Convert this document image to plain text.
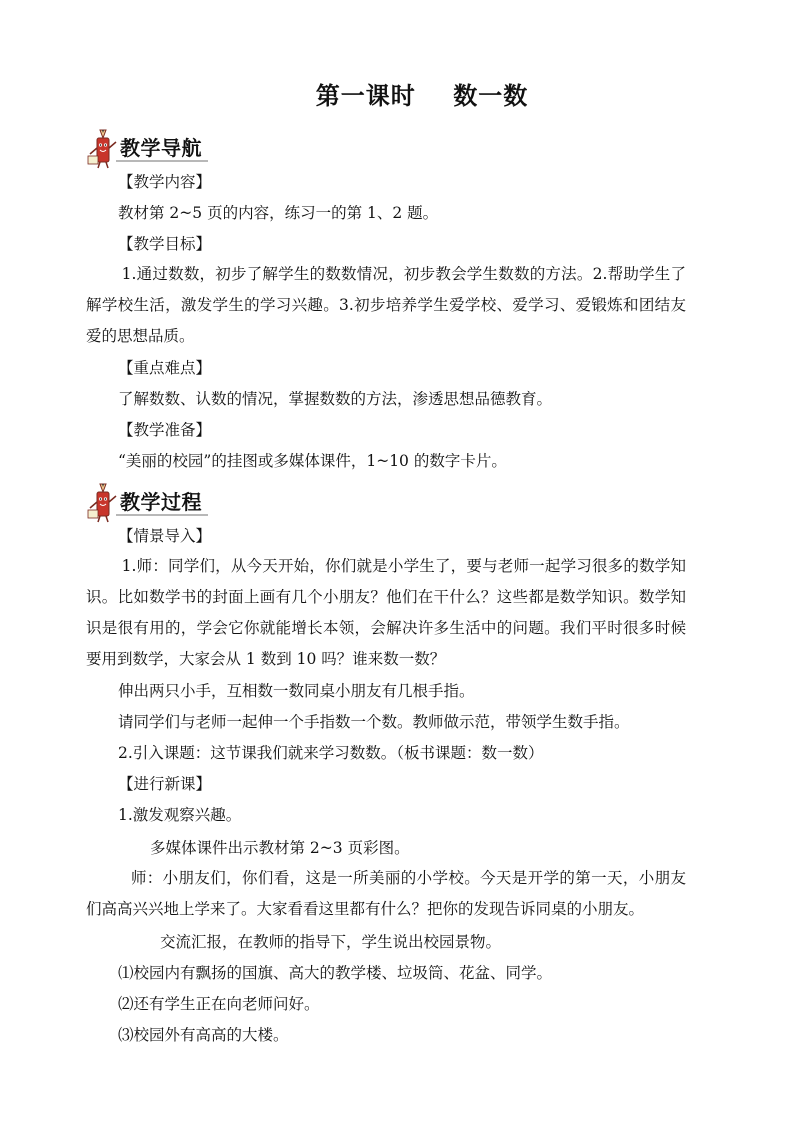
第一课时    数一数
教学导航
【教学内容】
教材第 2~5 页的内容，练习一的第 1、2 题。
【教学目标】

1.通过数数，初步了解学生的数数情况，初步教会学生数数的方法。2.帮助学生了解学校生活，激发学生的学习兴趣。3.初步培养学生爱学校、爱学习、爱锻炼和团结友爱的思想品质。

【重点难点】
了解数数、认数的情况，掌握数数的方法，渗透思想品德教育。
【教学准备】
“美丽的校园”的挂图或多媒体课件，1~10 的数字卡片。
教学过程
【情景导入】

1.师：同学们，从今天开始，你们就是小学生了，要与老师一起学习很多的数学知识。比如数学书的封面上画有几个小朋友？他们在干什么？这些都是数学知识。数学知识是很有用的，学会它你就能增长本领，会解决许多生活中的问题。我们平时很多时候要用到数学，大家会从 1 数到 10 吗？谁来数一数？

伸出两只小手，互相数一数同桌小朋友有几根手指。
请同学们与老师一起伸一个手指数一个数。教师做示范，带领学生数手指。
2.引入课题：这节课我们就来学习数数。（板书课题：数一数）
【进行新课】
1.激发观察兴趣。
多媒体课件出示教材第 2~3 页彩图。

师：小朋友们，你们看，这是一所美丽的小学校。今天是开学的第一天，小朋友们高高兴兴地上学来了。大家看看这里都有什么？把你的发现告诉同桌的小朋友。

交流汇报，在教师的指导下，学生说出校园景物。
⑴校园内有飘扬的国旗、高大的教学楼、垃圾筒、花盆、同学。
⑵还有学生正在向老师问好。
⑶校园外有高高的大楼。
